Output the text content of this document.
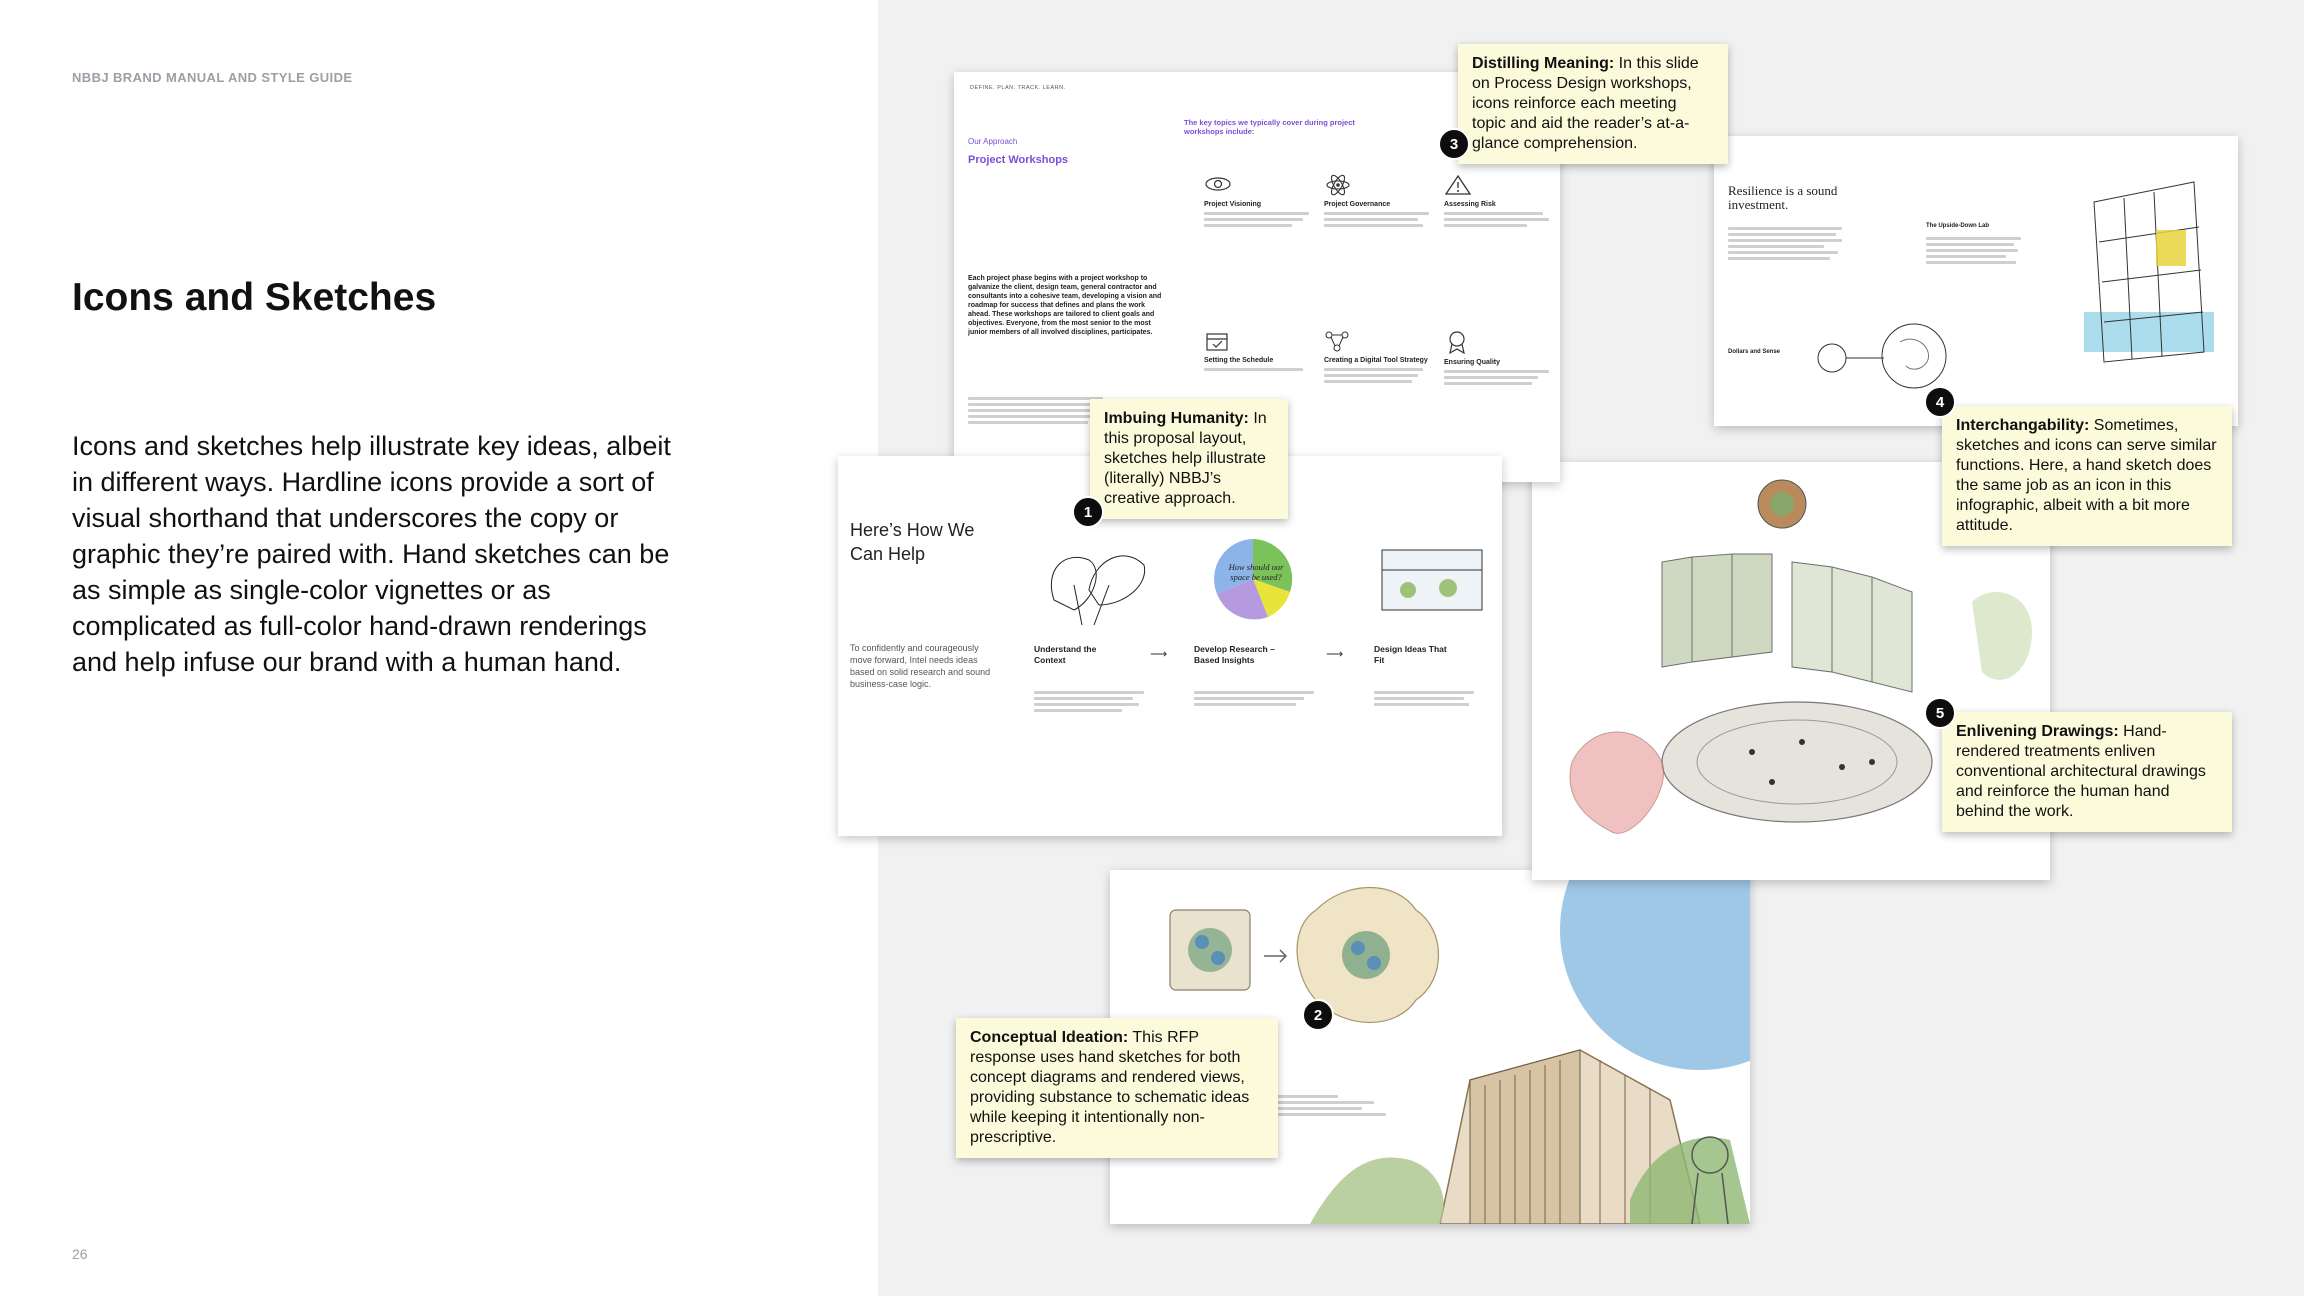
NBBJ BRAND MANUAL AND STYLE GUIDE
Icons and Sketches

Icons and sketches help illustrate key ideas, albeit in different ways. Hardline icons provide a sort of visual shorthand that underscores the copy or graphic they’re paired with. Hand sketches can be as simple as single-color vignettes or as complicated as full-color hand-drawn renderings and help infuse our brand with a human hand.

26
DEFINE. PLAN. TRACK. LEARN.
Our Approach
Project Workshops
The key topics we typically cover during project workshops include:
Each project phase begins with a project workshop to galvanize the client, design team, general contractor and consultants into a cohesive team, developing a vision and roadmap for success that defines and plans the work ahead. These workshops are tailored to client goals and objectives. Everyone, from the most senior to the most junior members of all involved disciplines, participates.
Project Visioning	Project Governance	Assessing Risk
Setting the Schedule	Creating a Digital Tool Strategy	Ensuring Quality
Resilience is a sound investment.
Dollars and Sense
The Upside-Down Lab
Here’s How We Can Help
To confidently and courageously move forward, Intel needs ideas based on solid research and sound business-case logic.
How should our space be used?
Understand the Context	⟶	Develop Research – Based Insights	⟶	Design Ideas That Fit
Imbuing Humanity: In this proposal layout, sketches help illustrate (literally) NBBJ’s creative approach.
1
Conceptual Ideation: This RFP response uses hand sketches for both concept diagrams and rendered views, providing substance to schematic ideas while keeping it intentionally non-prescriptive.
2
Distilling Meaning: In this slide on Process Design workshops, icons reinforce each meeting topic and aid the reader’s at-a-glance comprehension.
3
Interchangability: Sometimes, sketches and icons can serve similar functions. Here, a hand sketch does the same job as an icon in this infographic, albeit with a bit more attitude.
4
Enlivening Drawings: Hand-rendered treatments enliven conventional architectural drawings and reinforce the human hand behind the work.
5
